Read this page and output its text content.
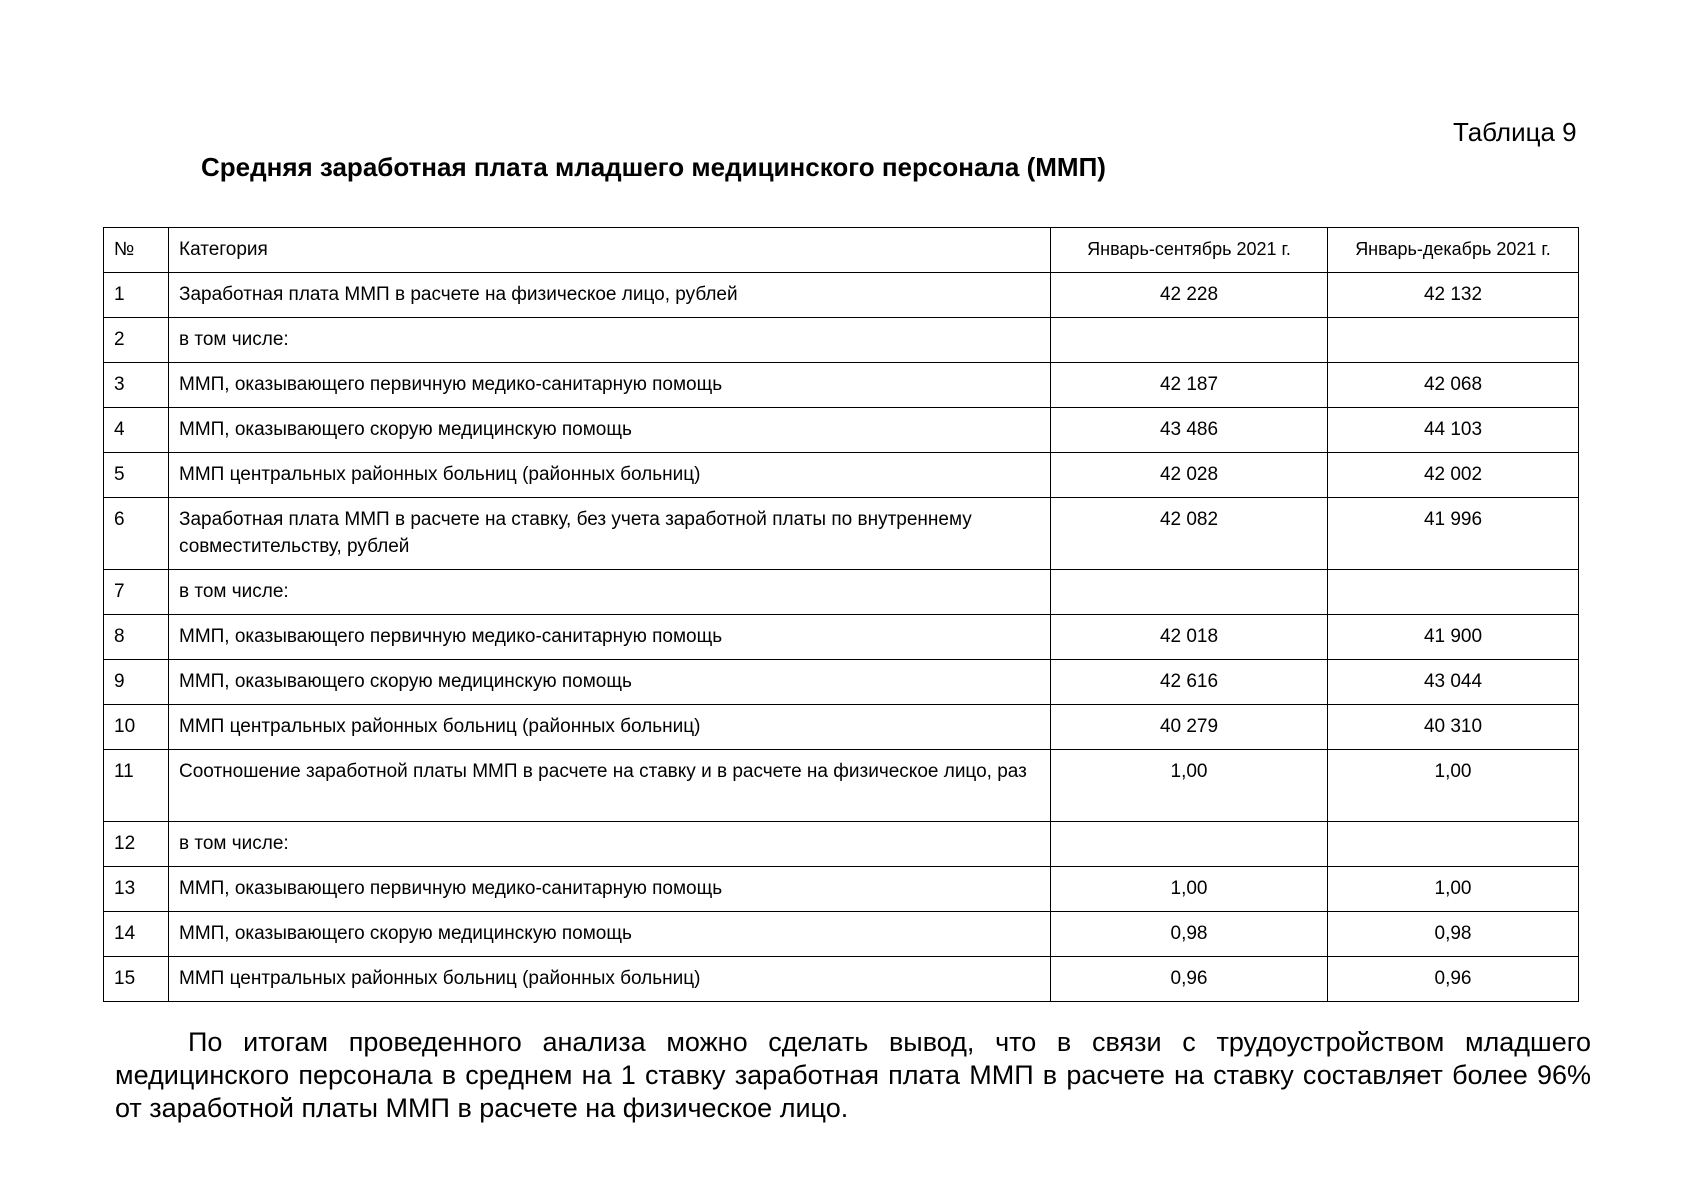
Таблица 9
Средняя заработная плата младшего медицинского персонала (ММП)
№	Категория	Январь-сентябрь 2021 г.	Январь-декабрь 2021 г.
1	Заработная плата ММП в расчете на физическое лицо, рублей	42 228	42 132
2	в том числе:		
3	ММП, оказывающего первичную медико-санитарную помощь	42 187	42 068
4	ММП, оказывающего скорую медицинскую помощь	43 486	44 103
5	ММП центральных районных больниц (районных больниц)	42 028	42 002
6	Заработная плата ММП в расчете на ставку, без учета заработной платы по внутреннему совместительству, рублей	42 082	41 996
7	в том числе:		
8	ММП, оказывающего первичную медико-санитарную помощь	42 018	41 900
9	ММП, оказывающего скорую медицинскую помощь	42 616	43 044
10	ММП центральных районных больниц (районных больниц)	40 279	40 310
11	Соотношение заработной платы ММП в расчете на ставку и в расчете на физическое лицо, раз	1,00	1,00
12	в том числе:		
13	ММП, оказывающего первичную медико-санитарную помощь	1,00	1,00
14	ММП, оказывающего скорую медицинскую помощь	0,98	0,98
15	ММП центральных районных больниц (районных больниц)	0,96	0,96

По итогам проведенного анализа можно сделать вывод, что в связи с трудоустройством младшего медицинского персонала в среднем на 1 ставку заработная плата ММП в расчете на ставку составляет более 96% от заработной платы ММП в расчете на физическое лицо.
